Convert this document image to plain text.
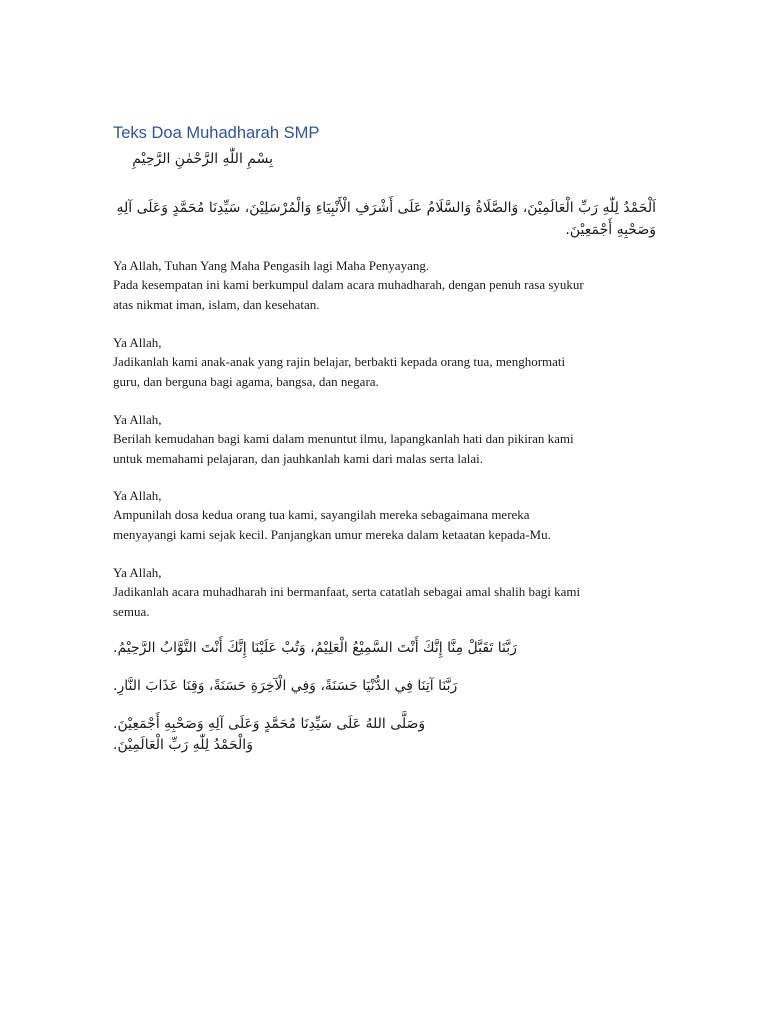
Teks Doa Muhadharah SMP
بِسْمِ اللّٰهِ الرَّحْمٰنِ الرَّحِيْمِ
اَلْحَمْدُ لِلّٰهِ رَبِّ الْعَالَمِيْنَ، وَالصَّلَاةُ وَالسَّلَامُ عَلَى أَشْرَفِ الْأَنْبِيَاءِ وَالْمُرْسَلِيْنَ، سَيِّدِنَا مُحَمَّدٍ وَعَلَى آلِهِ وَصَحْبِهِ أَجْمَعِيْنَ.
Ya Allah, Tuhan Yang Maha Pengasih lagi Maha Penyayang.
Pada kesempatan ini kami berkumpul dalam acara muhadharah, dengan penuh rasa syukur
atas nikmat iman, islam, dan kesehatan.
Ya Allah,
Jadikanlah kami anak-anak yang rajin belajar, berbakti kepada orang tua, menghormati
guru, dan berguna bagi agama, bangsa, dan negara.
Ya Allah,
Berilah kemudahan bagi kami dalam menuntut ilmu, lapangkanlah hati dan pikiran kami
untuk memahami pelajaran, dan jauhkanlah kami dari malas serta lalai.
Ya Allah,
Ampunilah dosa kedua orang tua kami, sayangilah mereka sebagaimana mereka
menyayangi kami sejak kecil. Panjangkan umur mereka dalam ketaatan kepada-Mu.
Ya Allah,
Jadikanlah acara muhadharah ini bermanfaat, serta catatlah sebagai amal shalih bagi kami
semua.
رَبَّنَا تَقَبَّلْ مِنَّا إِنَّكَ أَنْتَ السَّمِيْعُ الْعَلِيْمُ، وَتُبْ عَلَيْنَا إِنَّكَ أَنْتَ التَّوَّابُ الرَّحِيْمُ.
رَبَّنَا آتِنَا فِي الدُّنْيَا حَسَنَةً، وَفِي الْآخِرَةِ حَسَنَةً، وَقِنَا عَذَابَ النَّارِ.
وَصَلَّى اللهُ عَلَى سَيِّدِنَا مُحَمَّدٍ وَعَلَى آلِهِ وَصَحْبِهِ أَجْمَعِيْنَ.
وَالْحَمْدُ لِلّٰهِ رَبِّ الْعَالَمِيْنَ.
